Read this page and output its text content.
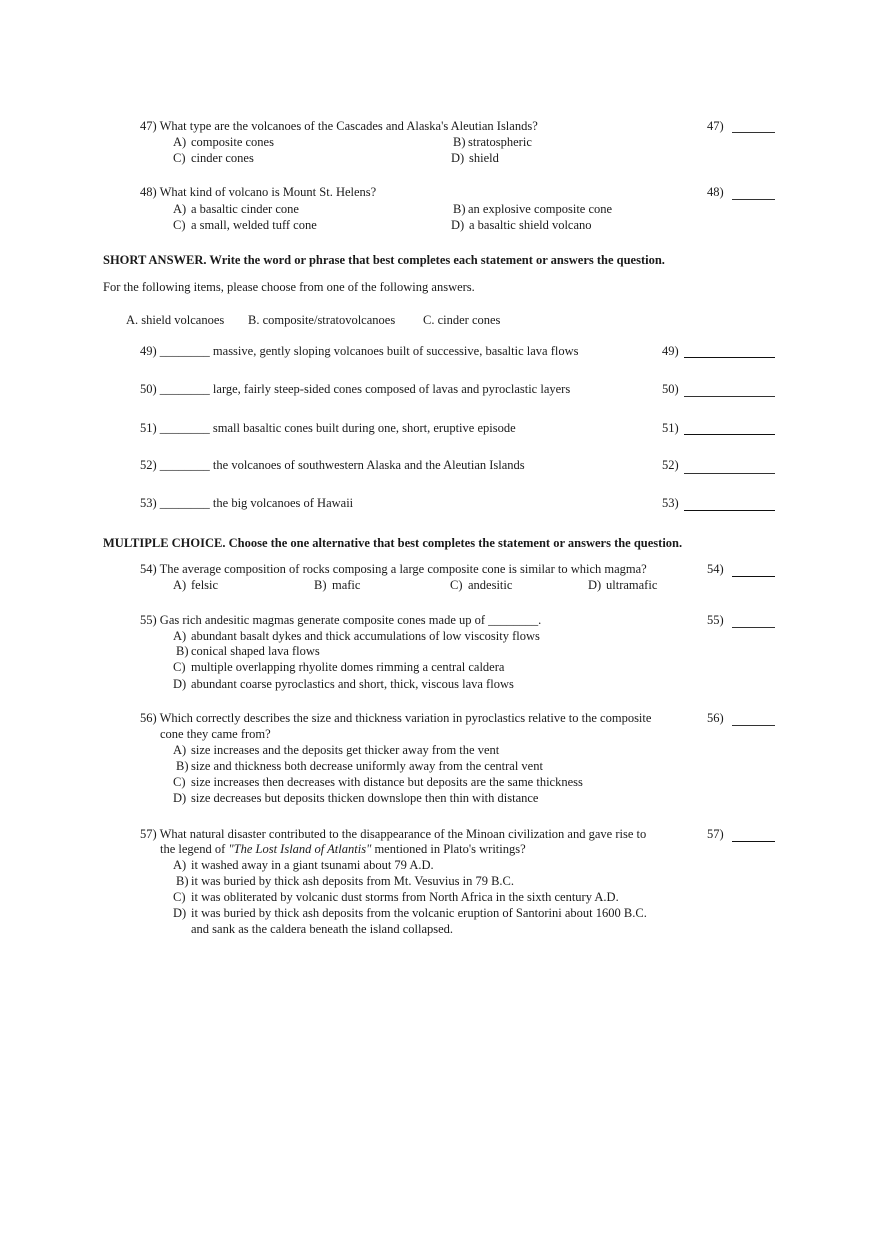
47) What type are the volcanoes of the Cascades and Alaska's Aleutian Islands?	47)
A) composite cones	B) stratospheric
C) cinder cones	D) shield
48) What kind of volcano is Mount St. Helens?	48)
A) a basaltic cinder cone	B) an explosive composite cone
C) a small, welded tuff cone	D) a basaltic shield volcano
SHORT ANSWER. Write the word or phrase that best completes each statement or answers the question.
For the following items, please choose from one of the following answers.
A. shield volcanoes B. composite/stratovolcanoes C. cinder cones
49) ________ massive, gently sloping volcanoes built of successive, basaltic lava flows	49)
50) ________ large, fairly steep-sided cones composed of lavas and pyroclastic layers	50)
51) ________ small basaltic cones built during one, short, eruptive episode	51)
52) ________ the volcanoes of southwestern Alaska and the Aleutian Islands	52)
53) ________ the big volcanoes of Hawaii	53)
MULTIPLE CHOICE. Choose the one alternative that best completes the statement or answers the question.
54) The average composition of rocks composing a large composite cone is similar to which magma?	54)
A) felsic	B) mafic	C) andesitic	D) ultramafic
55) Gas rich andesitic magmas generate composite cones made up of ________.	55)
A) abundant basalt dykes and thick accumulations of low viscosity flows
B) conical shaped lava flows
C) multiple overlapping rhyolite domes rimming a central caldera
D) abundant coarse pyroclastics and short, thick, viscous lava flows
56) Which correctly describes the size and thickness variation in pyroclastics relative to the composite
cone they came from?
56)
A) size increases and the deposits get thicker away from the vent
B) size and thickness both decrease uniformly away from the central vent
C) size increases then decreases with distance but deposits are the same thickness
D) size decreases but deposits thicken downslope then thin with distance
57) What natural disaster contributed to the disappearance of the Minoan civilization and gave rise to
the legend of "The Lost Island of Atlantis" mentioned in Plato's writings?
57)
A) it washed away in a giant tsunami about 79 A.D.
B) it was buried by thick ash deposits from Mt. Vesuvius in 79 B.C.
C) it was obliterated by volcanic dust storms from North Africa in the sixth century A.D.
D) it was buried by thick ash deposits from the volcanic eruption of Santorini about 1600 B.C.
and sank as the caldera beneath the island collapsed.
